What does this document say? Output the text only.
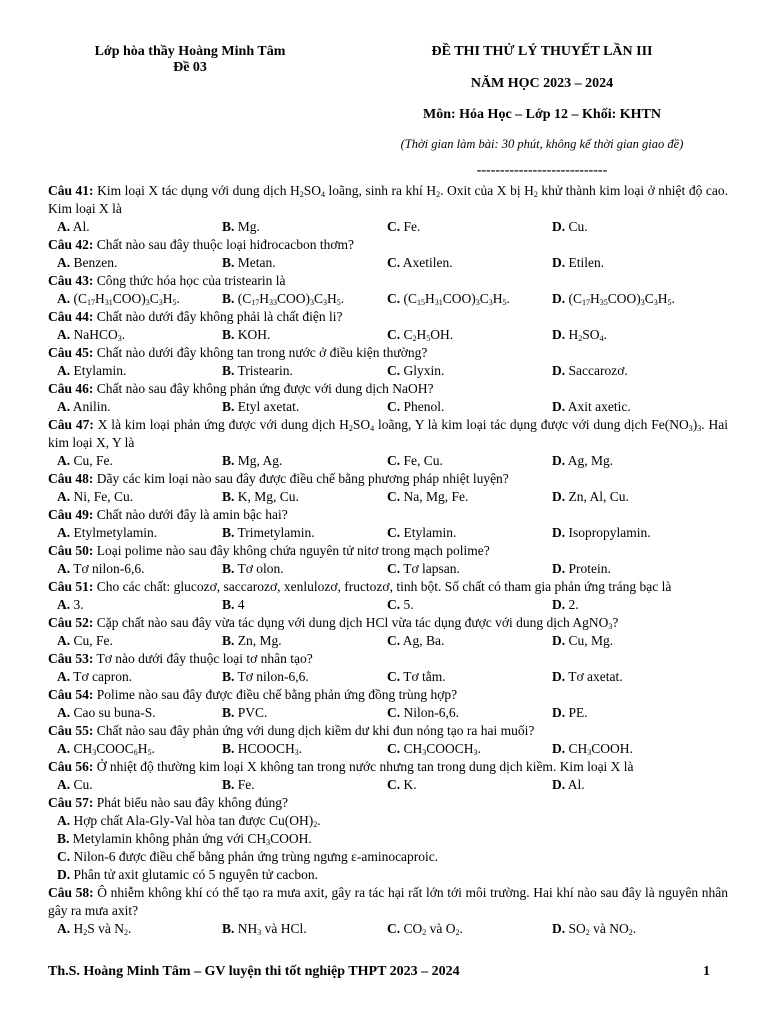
Lớp hòa thầy Hoàng Minh Tâm
Đề 03
ĐỀ THI THỬ LÝ THUYẾT LẦN III
NĂM HỌC 2023 – 2024
Môn: Hóa Học – Lớp 12 – Khối: KHTN
(Thời gian làm bài: 30 phút, không kể thời gian giao đề)
----------------------------
Câu 41: Kim loại X tác dụng với dung dịch $H_2SO_4$ loãng, sinh ra khí $H_2$. Oxit của X bị $H_2$ khử thành kim loại ở nhiệt độ cao. Kim loại X là
A. Al.	B. Mg.	C. Fe.	D. Cu.
Câu 42: Chất nào sau đây thuộc loại hiđrocacbon thơm?
A. Benzen.	B. Metan.	C. Axetilen.	D. Etilen.
Câu 43: Công thức hóa học của tristearin là
A. $(C_{17}H_{31}COO)_3C_3H_5$.	B. $(C_{17}H_{33}COO)_3C_3H_5$.	C. $(C_{15}H_{31}COO)_3C_3H_5$.	D. $(C_{17}H_{35}COO)_3C_3H_5$.
Câu 44: Chất nào dưới đây không phải là chất điện li?
A. NaHCO$_3$.	B. KOH.	C. $C_2H_5OH$.	D. $H_2SO_4$.
Câu 45: Chất nào dưới đây không tan trong nước ở điều kiện thường?
A. Etylamin.	B. Tristearin.	C. Glyxin.	D. Saccarozơ.
Câu 46: Chất nào sau đây không phản ứng được với dung dịch NaOH?
A. Anilin.	B. Etyl axetat.	C. Phenol.	D. Axit axetic.
Câu 47: X là kim loại phản ứng được với dung dịch $H_2SO_4$ loãng, Y là kim loại tác dụng được với dung dịch $Fe(NO_3)_3$. Hai kim loại X, Y là
A. Cu, Fe.	B. Mg, Ag.	C. Fe, Cu.	D. Ag, Mg.
Câu 48: Dãy các kim loại nào sau đây được điều chế bằng phương pháp nhiệt luyện?
A. Ni, Fe, Cu.	B. K, Mg, Cu.	C. Na, Mg, Fe.	D. Zn, Al, Cu.
Câu 49: Chất nào dưới đây là amin bậc hai?
A. Etylmetylamin.	B. Trimetylamin.	C. Etylamin.	D. Isopropylamin.
Câu 50: Loại polime nào sau đây không chứa nguyên tử nitơ trong mạch polime?
A. Tơ nilon-6,6.	B. Tơ olon.	C. Tơ lapsan.	D. Protein.
Câu 51: Cho các chất: glucozơ, saccarozơ, xenlulozơ, fructozơ, tinh bột. Số chất có tham gia phản ứng tráng bạc là
A. 3.	B. 4	C. 5.	D. 2.
Câu 52: Cặp chất nào sau đây vừa tác dụng với dung dịch HCl vừa tác dụng được với dung dịch AgNO$_3$?
A. Cu, Fe.	B. Zn, Mg.	C. Ag, Ba.	D. Cu, Mg.
Câu 53: Tơ nào dưới đây thuộc loại tơ nhân tạo?
A. Tơ capron.	B. Tơ nilon-6,6.	C. Tơ tằm.	D. Tơ axetat.
Câu 54: Polime nào sau đây được điều chế bằng phản ứng đồng trùng hợp?
A. Cao su buna-S.	B. PVC.	C. Nilon-6,6.	D. PE.
Câu 55: Chất nào sau đây phản ứng với dung dịch kiềm dư khi đun nóng tạo ra hai muối?
A. $CH_3COOC_6H_5$.	B. $HCOOCH_3$.	C. $CH_3COOCH_3$.	D. $CH_3COOH$.
Câu 56: Ở nhiệt độ thường kim loại X không tan trong nước nhưng tan trong dung dịch kiềm. Kim loại X là
A. Cu.	B. Fe.	C. K.	D. Al.
Câu 57: Phát biểu nào sau đây không đúng?
A. Hợp chất Ala-Gly-Val hòa tan được $Cu(OH)_2$.
B. Metylamin không phản ứng với $CH_3COOH$.
C. Nilon-6 được điều chế bằng phản ứng trùng ngưng ε-aminocaproic.
D. Phân tử axit glutamic có 5 nguyên tử cacbon.
Câu 58: Ô nhiễm không khí có thể tạo ra mưa axit, gây ra tác hại rất lớn tới môi trường. Hai khí nào sau đây là nguyên nhân gây ra mưa axit?
A. $H_2S$ và $N_2$.	B. $NH_3$ và HCl.	C. $CO_2$ và $O_2$.	D. $SO_2$ và $NO_2$.
Th.S. Hoàng Minh Tâm – GV luyện thi tốt nghiệp THPT 2023 – 2024	1
